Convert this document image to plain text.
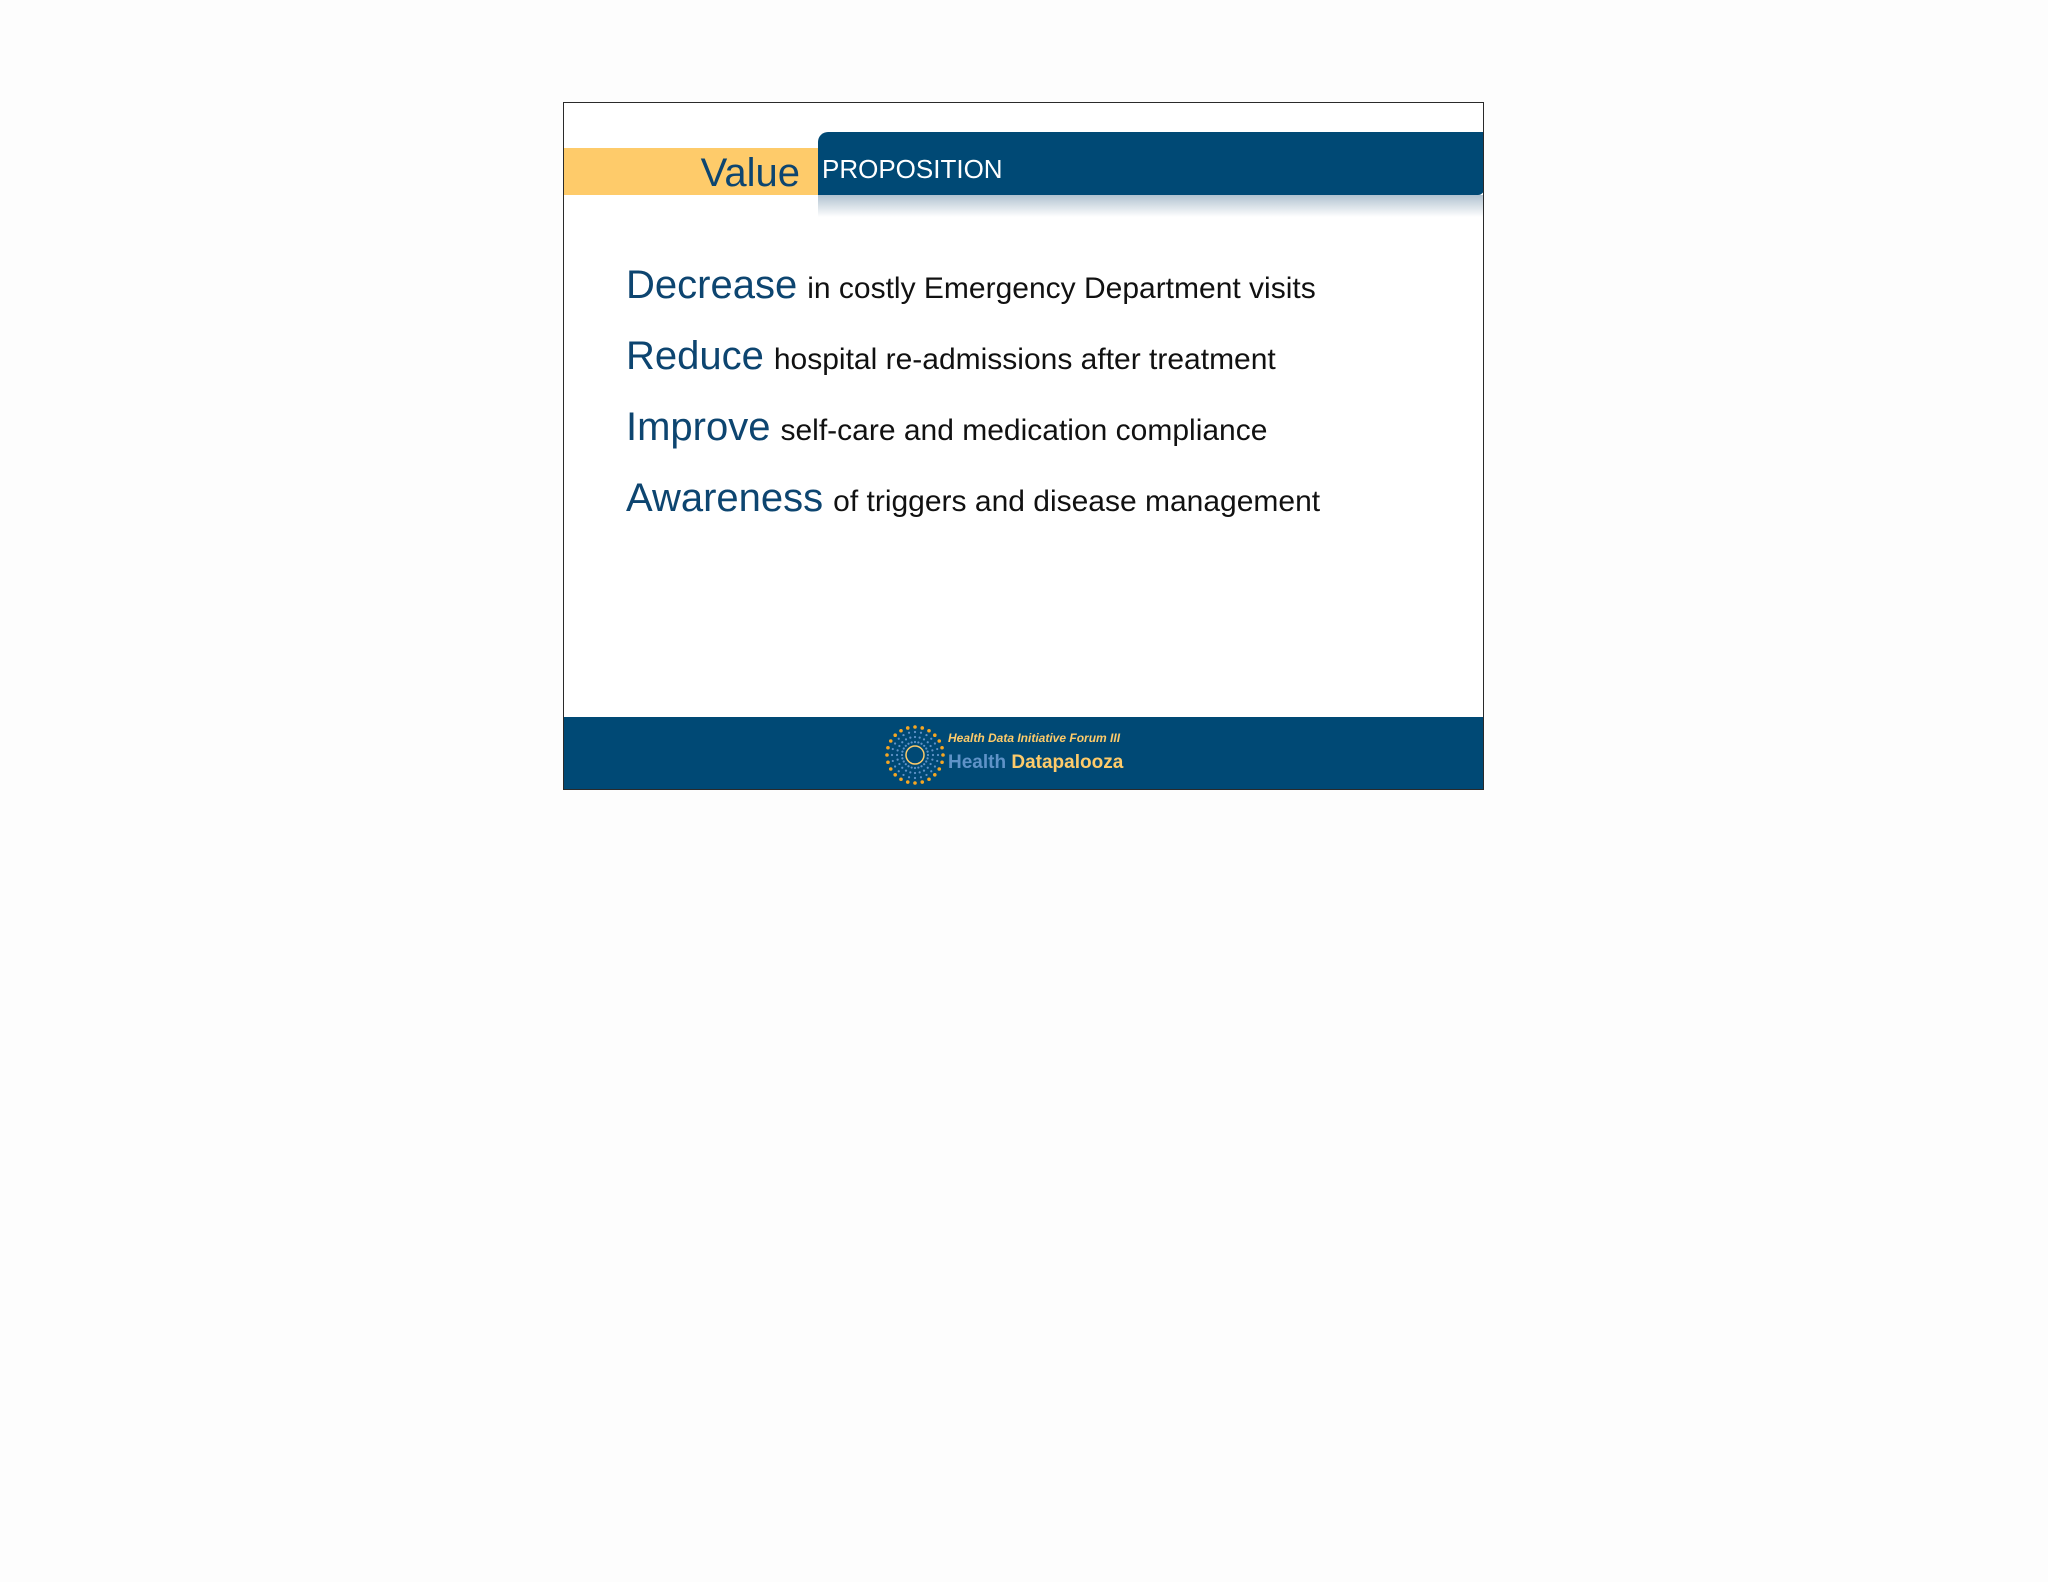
Value PROPOSITION
Decrease in costly Emergency Department visits
Reduce hospital re-admissions after treatment
Improve self-care and medication compliance
Awareness of triggers and disease management
Health Data Initiative Forum III
Health Datapalooza
